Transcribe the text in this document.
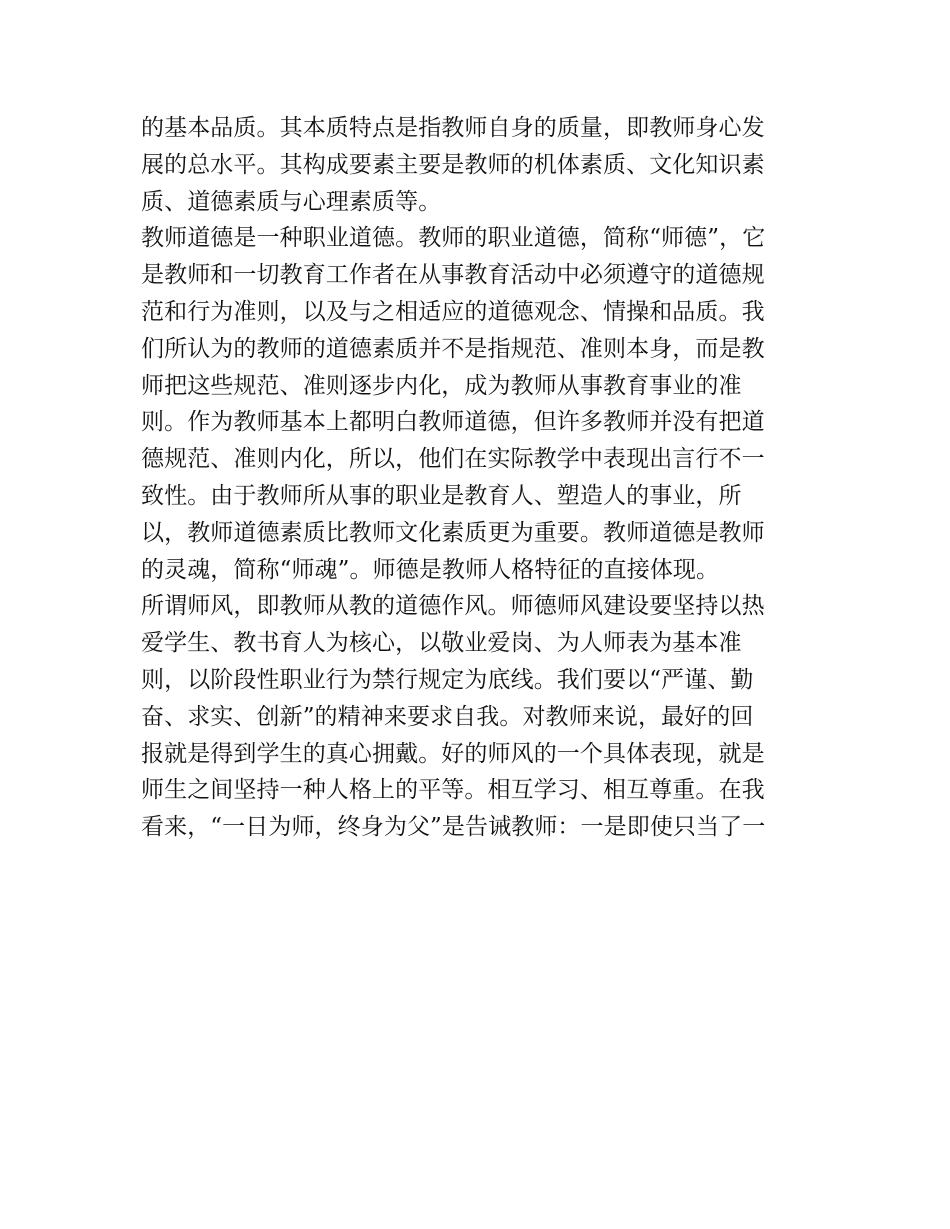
的基本品质。其本质特点是指教师自身的质量，即教师身心发
展的总水平。其构成要素主要是教师的机体素质、文化知识素
质、道德素质与心理素质等。
教师道德是一种职业道德。教师的职业道德，简称“师德”，它
是教师和一切教育工作者在从事教育活动中必须遵守的道德规
范和行为准则，以及与之相适应的道德观念、情操和品质。我
们所认为的教师的道德素质并不是指规范、准则本身，而是教
师把这些规范、准则逐步内化，成为教师从事教育事业的准
则。作为教师基本上都明白教师道德，但许多教师并没有把道
德规范、准则内化，所以，他们在实际教学中表现出言行不一
致性。由于教师所从事的职业是教育人、塑造人的事业，所
以，教师道德素质比教师文化素质更为重要。教师道德是教师
的灵魂，简称“师魂”。师德是教师人格特征的直接体现。
所谓师风，即教师从教的道德作风。师德师风建设要坚持以热
爱学生、教书育人为核心，以敬业爱岗、为人师表为基本准
则，以阶段性职业行为禁行规定为底线。我们要以“严谨、勤
奋、求实、创新”的精神来要求自我。对教师来说，最好的回
报就是得到学生的真心拥戴。好的师风的一个具体表现，就是
师生之间坚持一种人格上的平等。相互学习、相互尊重。在我
看来，“一日为师，终身为父”是告诫教师：一是即使只当了一
